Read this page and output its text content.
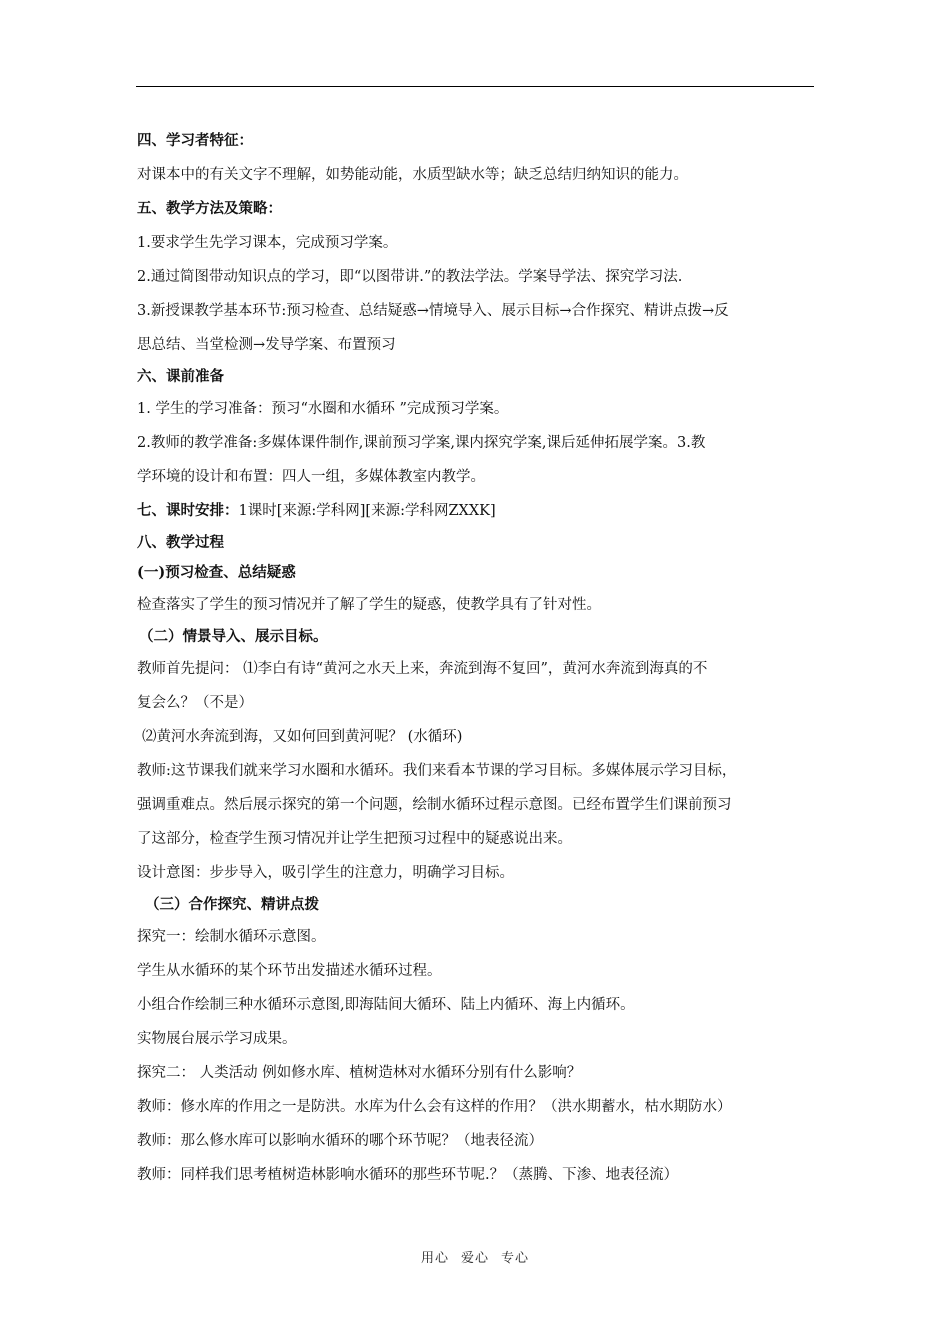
四、学习者特征：
对课本中的有关文字不理解，如势能动能，水质型缺水等；缺乏总结归纳知识的能力。
五、教学方法及策略：
1.要求学生先学习课本，完成预习学案。
2.通过简图带动知识点的学习，即“以图带讲.”的教法学法。学案导学法、探究学习法.
3.新授课教学基本环节:预习检查、总结疑惑→情境导入、展示目标→合作探究、精讲点拨→反
思总结、当堂检测→发导学案、布置预习
六、课前准备
1. 学生的学习准备：预习“水圈和水循环 ”完成预习学案。
2.教师的教学准备:多媒体课件制作,课前预习学案,课内探究学案,课后延伸拓展学案。3.教
学环境的设计和布置：四人一组，多媒体教室内教学。
七、课时安排：1课时[来源:学科网][来源:学科网ZXXK]
八、教学过程
(一)预习检查、总结疑惑
检查落实了学生的预习情况并了解了学生的疑惑，使教学具有了针对性。
（二）情景导入、展示目标。
教师首先提问： ⑴李白有诗“黄河之水天上来，奔流到海不复回”，黄河水奔流到海真的不
复会么？（不是）
⑵黄河水奔流到海，又如何回到黄河呢？ (水循环)
教师:这节课我们就来学习水圈和水循环。我们来看本节课的学习目标。多媒体展示学习目标，
强调重难点。然后展示探究的第一个问题，绘制水循环过程示意图。已经布置学生们课前预习
了这部分，检查学生预习情况并让学生把预习过程中的疑惑说出来。
设计意图：步步导入，吸引学生的注意力，明确学习目标。
（三）合作探究、精讲点拨
探究一：绘制水循环示意图。
学生从水循环的某个环节出发描述水循环过程。
小组合作绘制三种水循环示意图,即海陆间大循环、陆上内循环、海上内循环。
实物展台展示学习成果。
探究二： 人类活动 例如修水库、植树造林对水循环分别有什么影响？
教师：修水库的作用之一是防洪。水库为什么会有这样的作用？（洪水期蓄水，枯水期防水）
教师：那么修水库可以影响水循环的哪个环节呢？（地表径流）
教师：同样我们思考植树造林影响水循环的那些环节呢.？（蒸腾、下渗、地表径流）
用心 爱心 专心
